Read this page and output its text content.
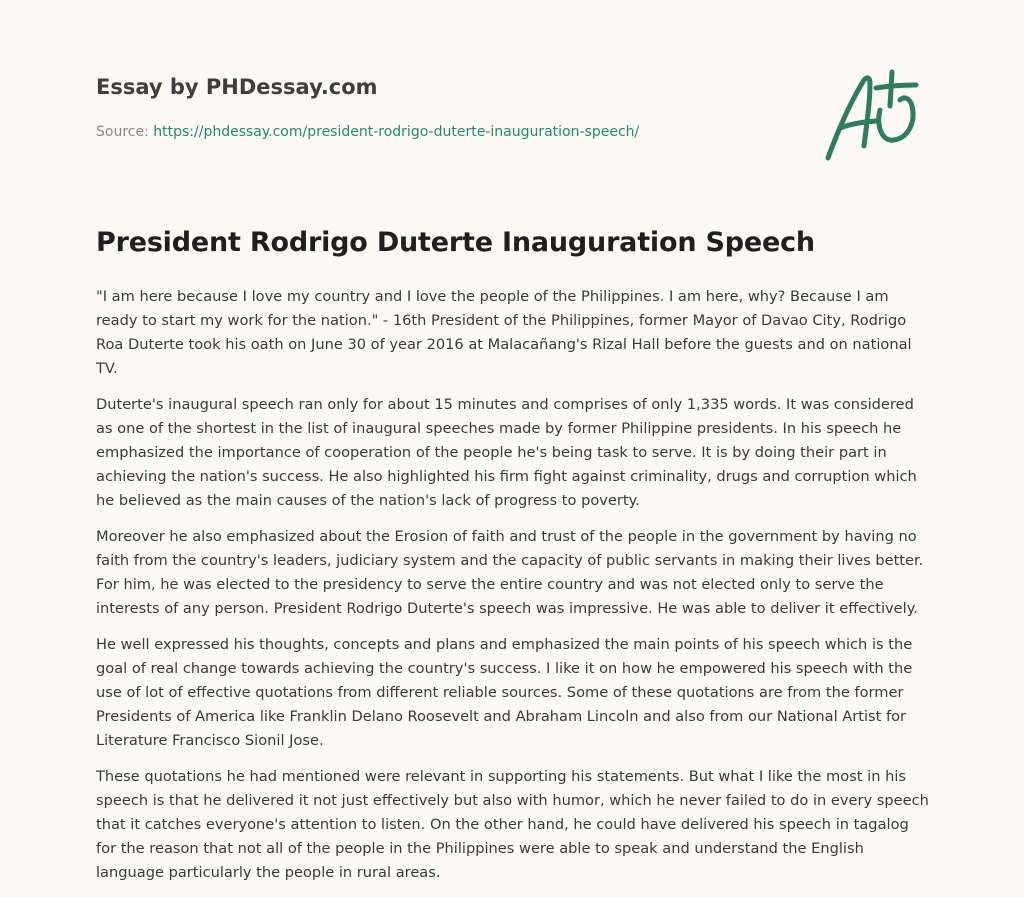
Essay by PHDessay.com
Source: https://phdessay.com/president-rodrigo-duterte-inauguration-speech/
President Rodrigo Duterte Inauguration Speech

"I am here because I love my country and I love the people of the Philippines. I am here, why? Because I am ready to start my work for the nation." - 16th President of the Philippines, former Mayor of Davao City, Rodrigo Roa Duterte took his oath on June 30 of year 2016 at Malacañang's Rizal Hall before the guests and on national TV.

Duterte's inaugural speech ran only for about 15 minutes and comprises of only 1,335 words. It was considered as one of the shortest in the list of inaugural speeches made by former Philippine presidents. In his speech he emphasized the importance of cooperation of the people he's being task to serve. It is by doing their part in achieving the nation's success. He also highlighted his firm fight against criminality, drugs and corruption which he believed as the main causes of the nation's lack of progress to poverty.

Moreover he also emphasized about the Erosion of faith and trust of the people in the government by having no faith from the country's leaders, judiciary system and the capacity of public servants in making their lives better. For him, he was elected to the presidency to serve the entire country and was not elected only to serve the interests of any person. President Rodrigo Duterte's speech was impressive. He was able to deliver it effectively.

He well expressed his thoughts, concepts and plans and emphasized the main points of his speech which is the goal of real change towards achieving the country's success. I like it on how he empowered his speech with the use of lot of effective quotations from different reliable sources. Some of these quotations are from the former Presidents of America like Franklin Delano Roosevelt and Abraham Lincoln and also from our National Artist for Literature Francisco Sionil Jose.

These quotations he had mentioned were relevant in supporting his statements. But what I like the most in his speech is that he delivered it not just effectively but also with humor, which he never failed to do in every speech that it catches everyone's attention to listen. On the other hand, he could have delivered his speech in tagalog for the reason that not all of the people in the Philippines were able to speak and understand the English language particularly the people in rural areas.
